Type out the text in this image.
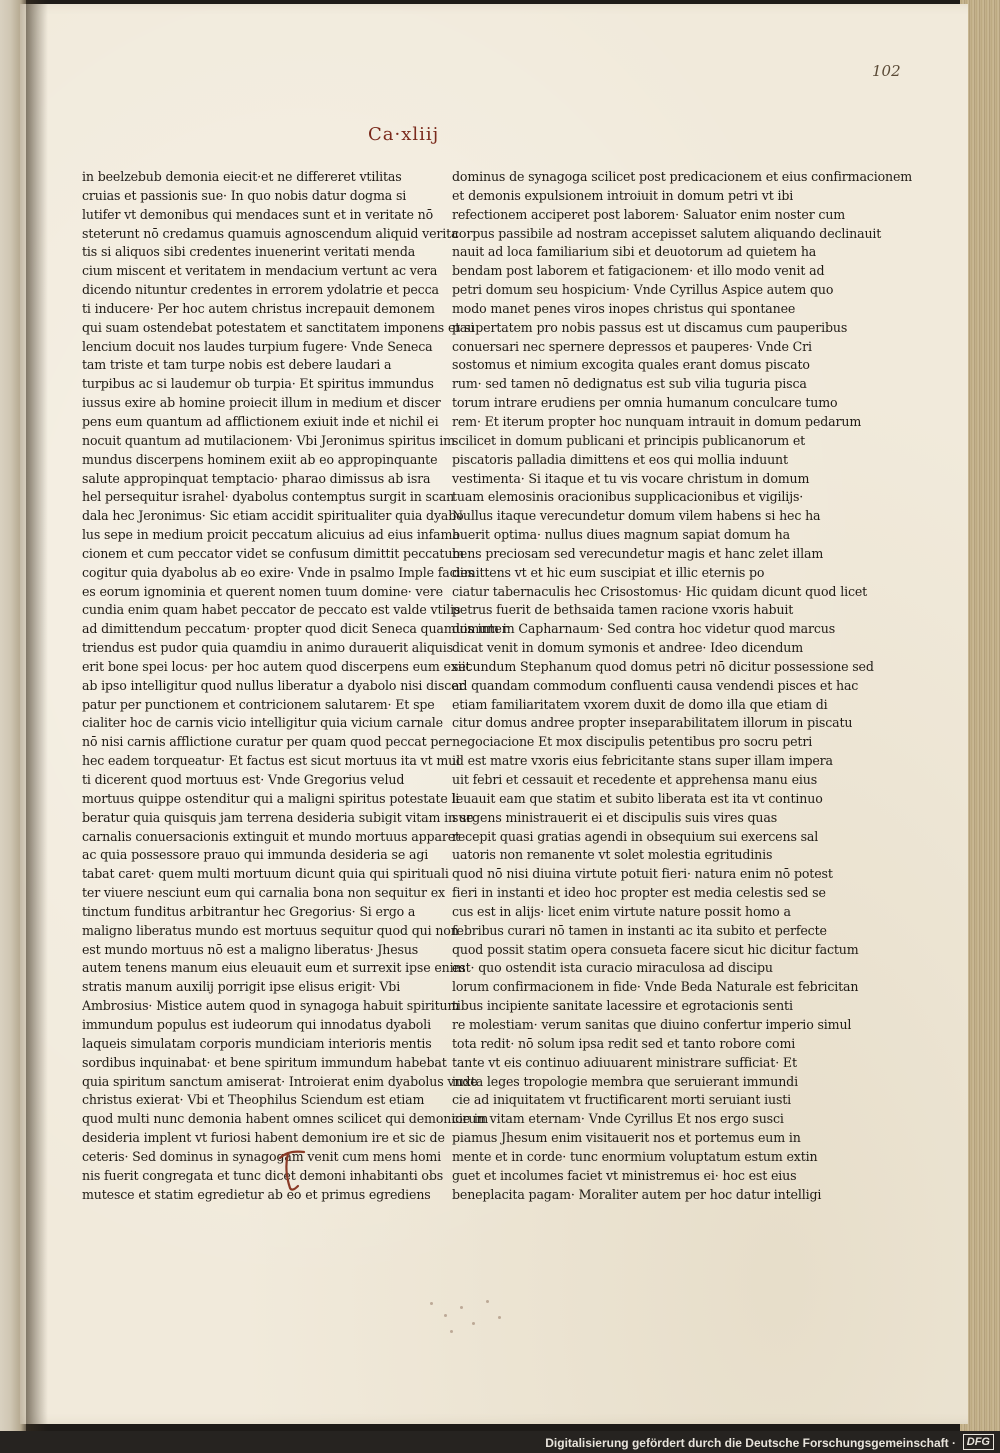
102
Ca·xliij
in beelzebub demonia eiecit·et ne differeret vtilitas
cruias et passionis sue· In quo nobis datur dogma si
lutifer vt demonibus qui mendaces sunt et in veritate nō
steterunt nō credamus quamuis agnoscendum aliquid verita
tis si aliquos sibi credentes inuenerint veritati menda
cium miscent et veritatem in mendacium vertunt ac vera
dicendo nituntur credentes in errorem ydolatrie et pecca
ti inducere· Per hoc autem christus increpauit demonem
qui suam ostendebat potestatem et sanctitatem imponens et si
lencium docuit nos laudes turpium fugere· Vnde Seneca
tam triste et tam turpe nobis est debere laudari a
turpibus ac si laudemur ob turpia· Et spiritus immundus
iussus exire ab homine proiecit illum in medium et discer
pens eum quantum ad afflictionem exiuit inde et nichil ei
nocuit quantum ad mutilacionem· Vbi Jeronimus spiritus im
mundus discerpens hominem exiit ab eo appropinquante
salute appropinquat temptacio· pharao dimissus ab isra
hel persequitur israhel· dyabolus contemptus surgit in scan
dala hec Jeronimus· Sic etiam accidit spiritualiter quia dyabo
lus sepe in medium proicit peccatum alicuius ad eius infama
cionem et cum peccator videt se confusum dimittit peccatum
cogitur quia dyabolus ab eo exire· Vnde in psalmo Imple facies
es eorum ignominia et querent nomen tuum domine· vere
cundia enim quam habet peccator de peccato est valde vtilis
ad dimittendum peccatum· propter quod dicit Seneca quamuis inter
triendus est pudor quia quamdiu in animo durauerit aliquis
erit bone spei locus· per hoc autem quod discerpens eum exiit
ab ipso intelligitur quod nullus liberatur a dyabolo nisi discer
patur per punctionem et contricionem salutarem· Et spe
cialiter hoc de carnis vicio intelligitur quia vicium carnale
nō nisi carnis afflictione curatur per quam quod peccat per
hec eadem torqueatur· Et factus est sicut mortuus ita vt mul
ti dicerent quod mortuus est· Vnde Gregorius velud
mortuus quippe ostenditur qui a maligni spiritus potestate li
beratur quia quisquis jam terrena desideria subigit vitam in se
carnalis conuersacionis extinguit et mundo mortuus apparet
ac quia possessore prauo qui immunda desideria se agi
tabat caret· quem multi mortuum dicunt quia qui spirituali
ter viuere nesciunt eum qui carnalia bona non sequitur ex
tinctum funditus arbitrantur hec Gregorius· Si ergo a
maligno liberatus mundo est mortuus sequitur quod qui non
est mundo mortuus nō est a maligno liberatus· Jhesus
autem tenens manum eius eleuauit eum et surrexit ipse enim
stratis manum auxilij porrigit ipse elisus erigit· Vbi
Ambrosius· Mistice autem quod in synagoga habuit spiritum
immundum populus est iudeorum qui innodatus dyaboli
laqueis simulatam corporis mundiciam interioris mentis
sordibus inquinabat· et bene spiritum immundum habebat
quia spiritum sanctum amiserat· Introierat enim dyabolus vnde
christus exierat· Vbi et Theophilus Sciendum est etiam
quod multi nunc demonia habent omnes scilicet qui demoniorum
desideria implent vt furiosi habent demonium ire et sic de
ceteris· Sed dominus in synagogam venit cum mens homi
nis fuerit congregata et tunc dicet demoni inhabitanti obs
mutesce et statim egredietur ab eo et primus egrediens
dominus de synagoga scilicet post predicacionem et eius confirmacionem
et demonis expulsionem introiuit in domum petri vt ibi
refectionem acciperet post laborem· Saluator enim noster cum
corpus passibile ad nostram accepisset salutem aliquando declinauit
nauit ad loca familiarium sibi et deuotorum ad quietem ha
bendam post laborem et fatigacionem· et illo modo venit ad
petri domum seu hospicium· Vnde Cyrillus Aspice autem quo
modo manet penes viros inopes christus qui spontanee
paupertatem pro nobis passus est ut discamus cum pauperibus
conuersari nec spernere depressos et pauperes· Vnde Cri
sostomus et nimium excogita quales erant domus piscato
rum· sed tamen nō dedignatus est sub vilia tuguria pisca
torum intrare erudiens per omnia humanum conculcare tumo
rem· Et iterum propter hoc nunquam intrauit in domum pedarum
scilicet in domum publicani et principis publicanorum et
piscatoris palladia dimittens et eos qui mollia induunt
vestimenta· Si itaque et tu vis vocare christum in domum
tuam elemosinis oracionibus supplicacionibus et vigilijs·
Nullus itaque verecundetur domum vilem habens si hec ha
buerit optima· nullus diues magnum sapiat domum ha
bens preciosam sed verecundetur magis et hanc zelet illam
dimittens vt et hic eum suscipiat et illic eternis po
ciatur tabernaculis hec Crisostomus· Hic quidam dicunt quod licet
petrus fuerit de bethsaida tamen racione vxoris habuit
domum in Capharnaum· Sed contra hoc videtur quod marcus
dicat venit in domum symonis et andree· Ideo dicendum
secundum Stephanum quod domus petri nō dicitur possessione sed
ad quandam commodum confluenti causa vendendi pisces et hac
etiam familiaritatem vxorem duxit de domo illa que etiam di
citur domus andree propter inseparabilitatem illorum in piscatu
negociacione Et mox discipulis petentibus pro socru petri
id est matre vxoris eius febricitante stans super illam impera
uit febri et cessauit et recedente et apprehensa manu eius
leuauit eam que statim et subito liberata est ita vt continuo
surgens ministrauerit ei et discipulis suis vires quas
recepit quasi gratias agendi in obsequium sui exercens sal
uatoris non remanente vt solet molestia egritudinis
quod nō nisi diuina virtute potuit fieri· natura enim nō potest
fieri in instanti et ideo hoc propter est media celestis sed se
cus est in alijs· licet enim virtute nature possit homo a
febribus curari nō tamen in instanti ac ita subito et perfecte
quod possit statim opera consueta facere sicut hic dicitur factum
est· quo ostendit ista curacio miraculosa ad discipu
lorum confirmacionem in fide· Vnde Beda Naturale est febricitan
tibus incipiente sanitate lacessire et egrotacionis senti
re molestiam· verum sanitas que diuino confertur imperio simul
tota redit· nō solum ipsa redit sed et tanto robore comi
tante vt eis continuo adiuuarent ministrare sufficiat· Et
iuxta leges tropologie membra que seruierant immundi
cie ad iniquitatem vt fructificarent morti seruiant iusti
cie in vitam eternam· Vnde Cyrillus Et nos ergo susci
piamus Jhesum enim visitauerit nos et portemus eum in
mente et in corde· tunc enormium voluptatum estum extin
guet et incolumes faciet vt ministremus ei· hoc est eius
beneplacita pagam· Moraliter autem per hoc datur intelligi
Digitalisierung gefördert durch die Deutsche Forschungsgemeinschaft · DFG
